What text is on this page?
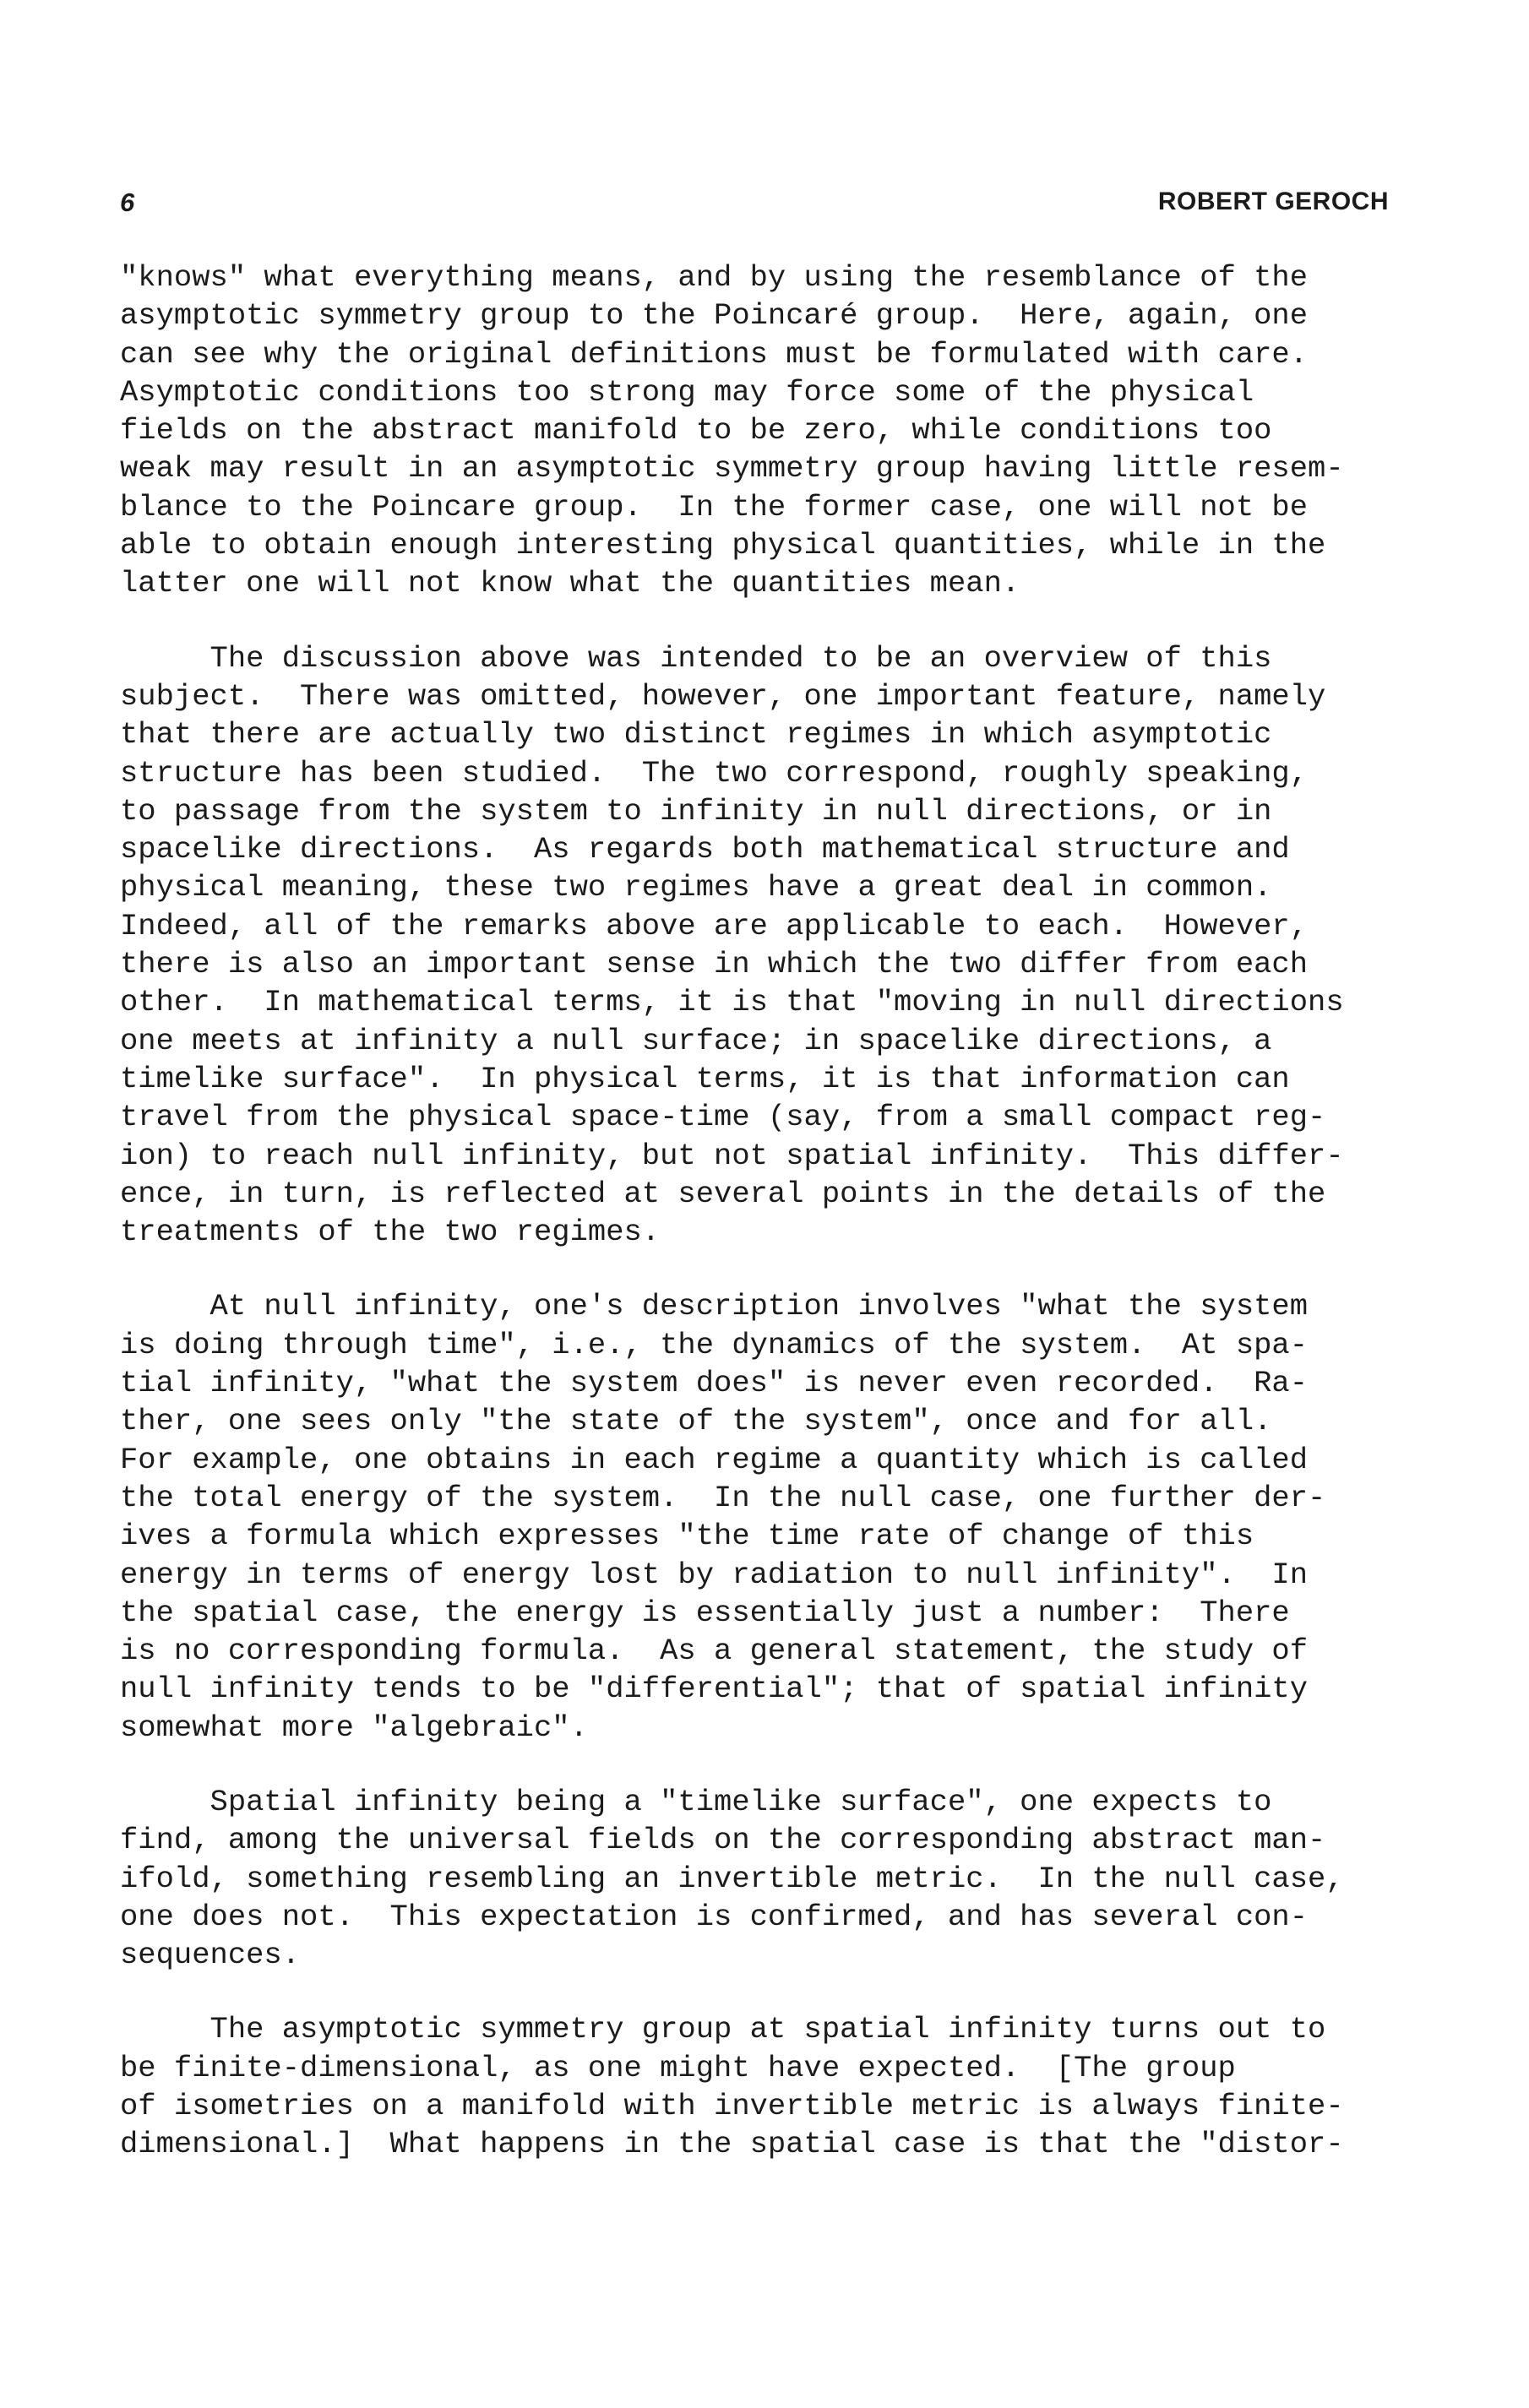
6	ROBERT GEROCH
"knows" what everything means, and by using the resemblance of the
asymptotic symmetry group to the Poincaré group.  Here, again, one
can see why the original definitions must be formulated with care.
Asymptotic conditions too strong may force some of the physical
fields on the abstract manifold to be zero, while conditions too
weak may result in an asymptotic symmetry group having little resem-
blance to the Poincare group.  In the former case, one will not be
able to obtain enough interesting physical quantities, while in the
latter one will not know what the quantities mean.
The discussion above was intended to be an overview of this
subject.  There was omitted, however, one important feature, namely
that there are actually two distinct regimes in which asymptotic
structure has been studied.  The two correspond, roughly speaking,
to passage from the system to infinity in null directions, or in
spacelike directions.  As regards both mathematical structure and
physical meaning, these two regimes have a great deal in common.
Indeed, all of the remarks above are applicable to each.  However,
there is also an important sense in which the two differ from each
other.  In mathematical terms, it is that "moving in null directions
one meets at infinity a null surface; in spacelike directions, a
timelike surface".  In physical terms, it is that information can
travel from the physical space-time (say, from a small compact reg-
ion) to reach null infinity, but not spatial infinity.  This differ-
ence, in turn, is reflected at several points in the details of the
treatments of the two regimes.
At null infinity, one's description involves "what the system
is doing through time", i.e., the dynamics of the system.  At spa-
tial infinity, "what the system does" is never even recorded.  Ra-
ther, one sees only "the state of the system", once and for all.
For example, one obtains in each regime a quantity which is called
the total energy of the system.  In the null case, one further der-
ives a formula which expresses "the time rate of change of this
energy in terms of energy lost by radiation to null infinity".  In
the spatial case, the energy is essentially just a number:  There
is no corresponding formula.  As a general statement, the study of
null infinity tends to be "differential"; that of spatial infinity
somewhat more "algebraic".
Spatial infinity being a "timelike surface", one expects to
find, among the universal fields on the corresponding abstract man-
ifold, something resembling an invertible metric.  In the null case,
one does not.  This expectation is confirmed, and has several con-
sequences.
The asymptotic symmetry group at spatial infinity turns out to
be finite-dimensional, as one might have expected.  [The group
of isometries on a manifold with invertible metric is always finite-
dimensional.]  What happens in the spatial case is that the "distor-
